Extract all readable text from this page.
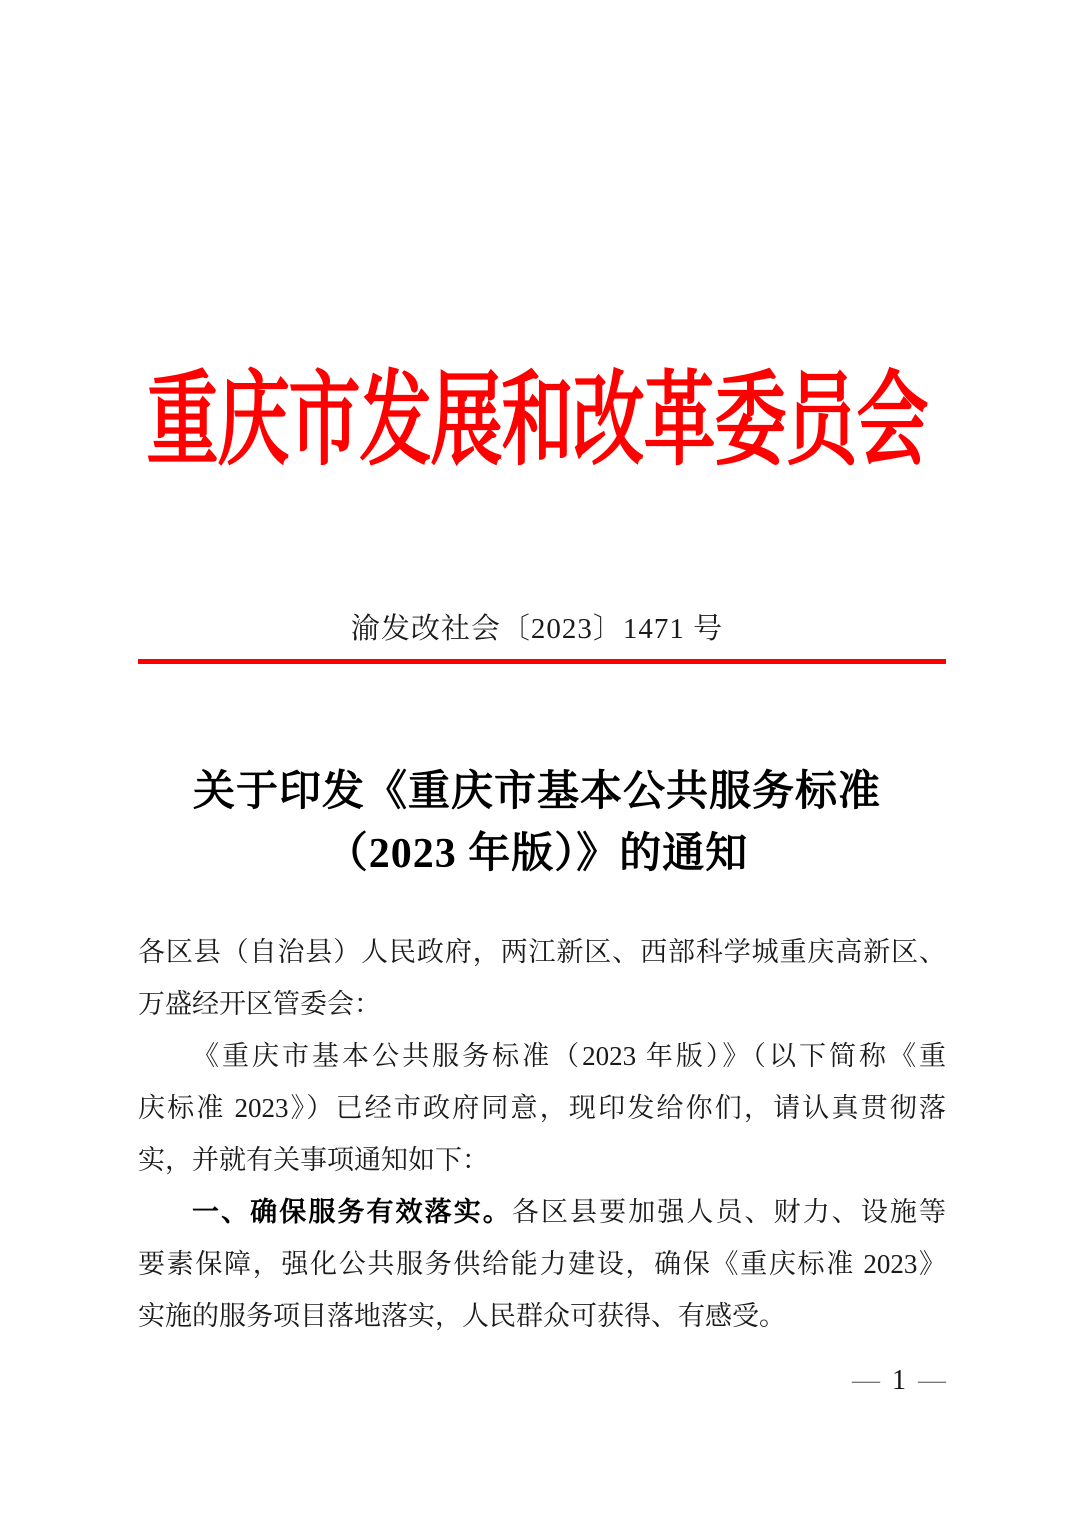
重庆市发展和改革委员会
渝发改社会〔2023〕1471 号
关于印发《重庆市基本公共服务标准
（2023 年版）》的通知
各区县（自治县）人民政府，两江新区、西部科学城重庆高新区、
万盛经开区管委会：
《重庆市基本公共服务标准（2023 年版）》（以下简称《重
庆标准 2023》）已经市政府同意，现印发给你们，请认真贯彻落
实，并就有关事项通知如下：
一、确保服务有效落实。各区县要加强人员、财力、设施等
要素保障，强化公共服务供给能力建设，确保《重庆标准 2023》
实施的服务项目落地落实，人民群众可获得、有感受。
— 1 —
